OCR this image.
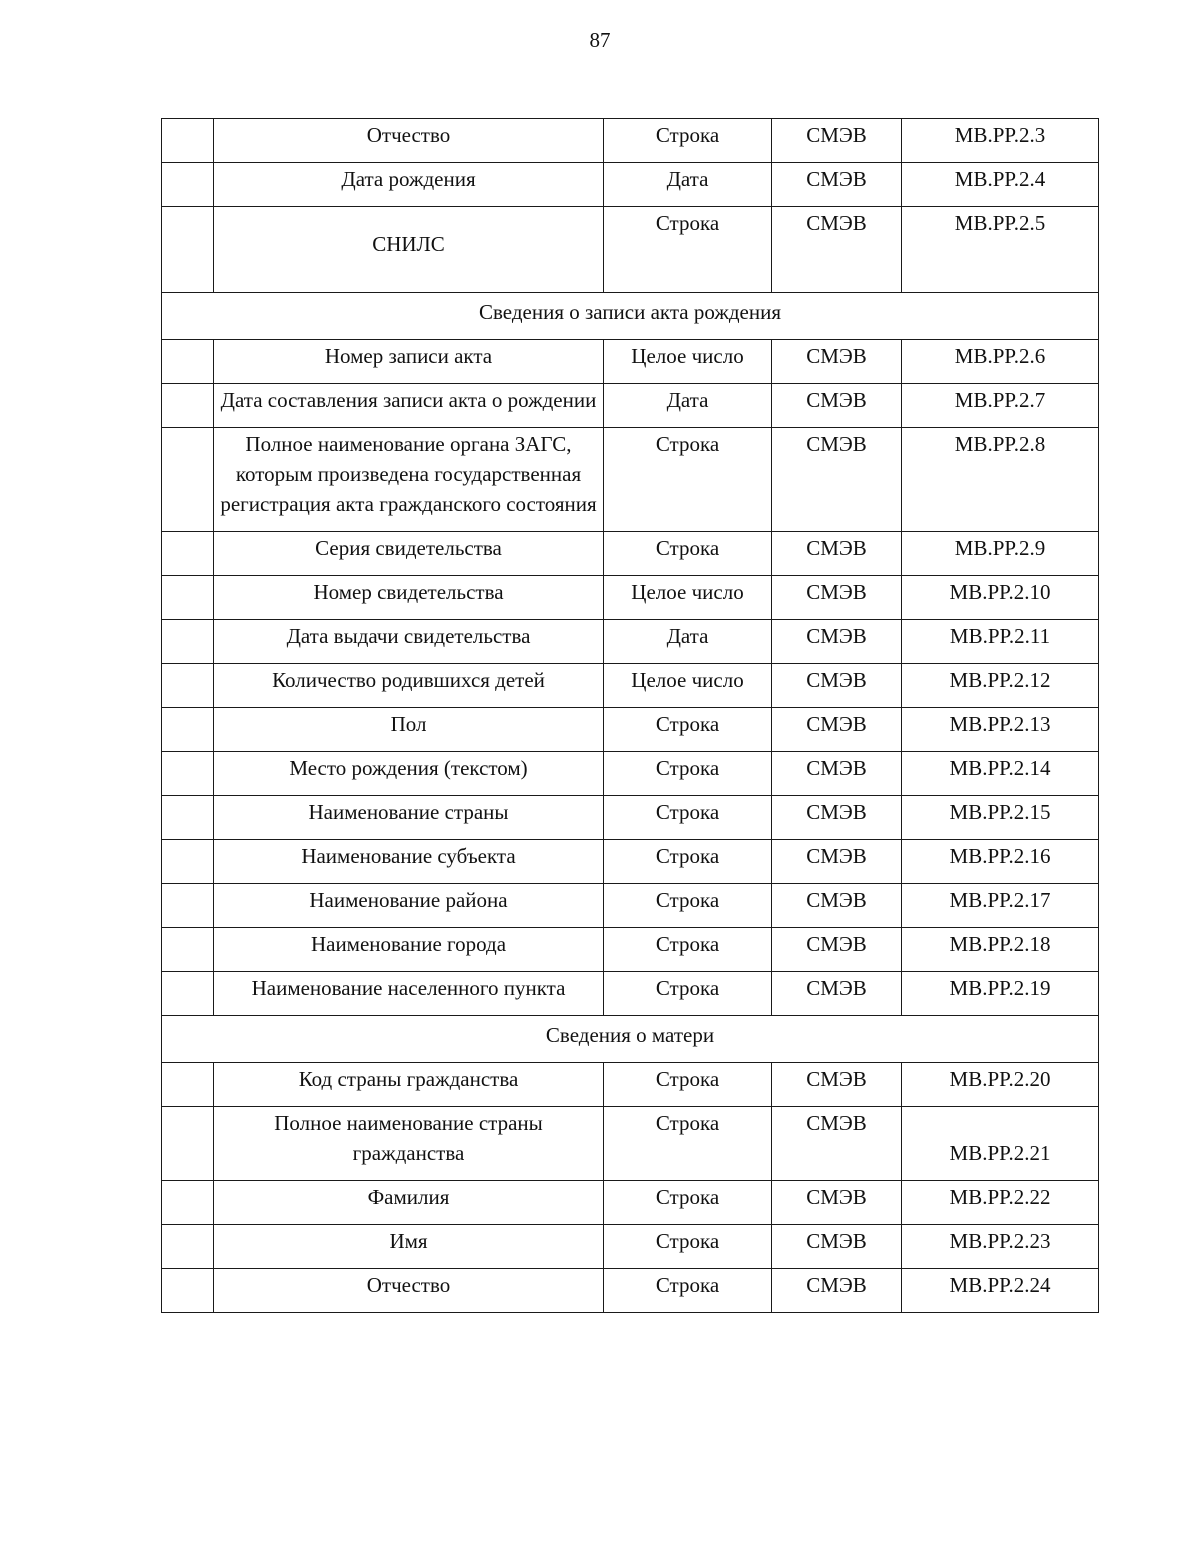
87
	Отчество	Строка	СМЭВ	MB.PP.2.3
	Дата рождения	Дата	СМЭВ	MB.PP.2.4
	СНИЛС	Строка	СМЭВ	MB.PP.2.5
Сведения о записи акта рождения				
	Номер записи акта	Целое число	СМЭВ	MB.PP.2.6
	Дата составления записи акта о рождении	Дата	СМЭВ	MB.PP.2.7
	Полное наименование органа ЗАГС, которым произведена государственная регистрация акта гражданского состояния	Строка	СМЭВ	MB.PP.2.8
	Серия свидетельства	Строка	СМЭВ	MB.PP.2.9
	Номер свидетельства	Целое число	СМЭВ	MB.PP.2.10
	Дата выдачи свидетельства	Дата	СМЭВ	MB.PP.2.11
	Количество родившихся детей	Целое число	СМЭВ	MB.PP.2.12
	Пол	Строка	СМЭВ	MB.PP.2.13
	Место рождения (текстом)	Строка	СМЭВ	MB.PP.2.14
	Наименование страны	Строка	СМЭВ	MB.PP.2.15
	Наименование субъекта	Строка	СМЭВ	MB.PP.2.16
	Наименование района	Строка	СМЭВ	MB.PP.2.17
	Наименование города	Строка	СМЭВ	MB.PP.2.18
	Наименование населенного пункта	Строка	СМЭВ	MB.PP.2.19
Сведения о матери				
	Код страны гражданства	Строка	СМЭВ	MB.PP.2.20
	Полное наименование страны гражданства	Строка	СМЭВ	MB.PP.2.21
	Фамилия	Строка	СМЭВ	MB.PP.2.22
	Имя	Строка	СМЭВ	MB.PP.2.23
	Отчество	Строка	СМЭВ	MB.PP.2.24
